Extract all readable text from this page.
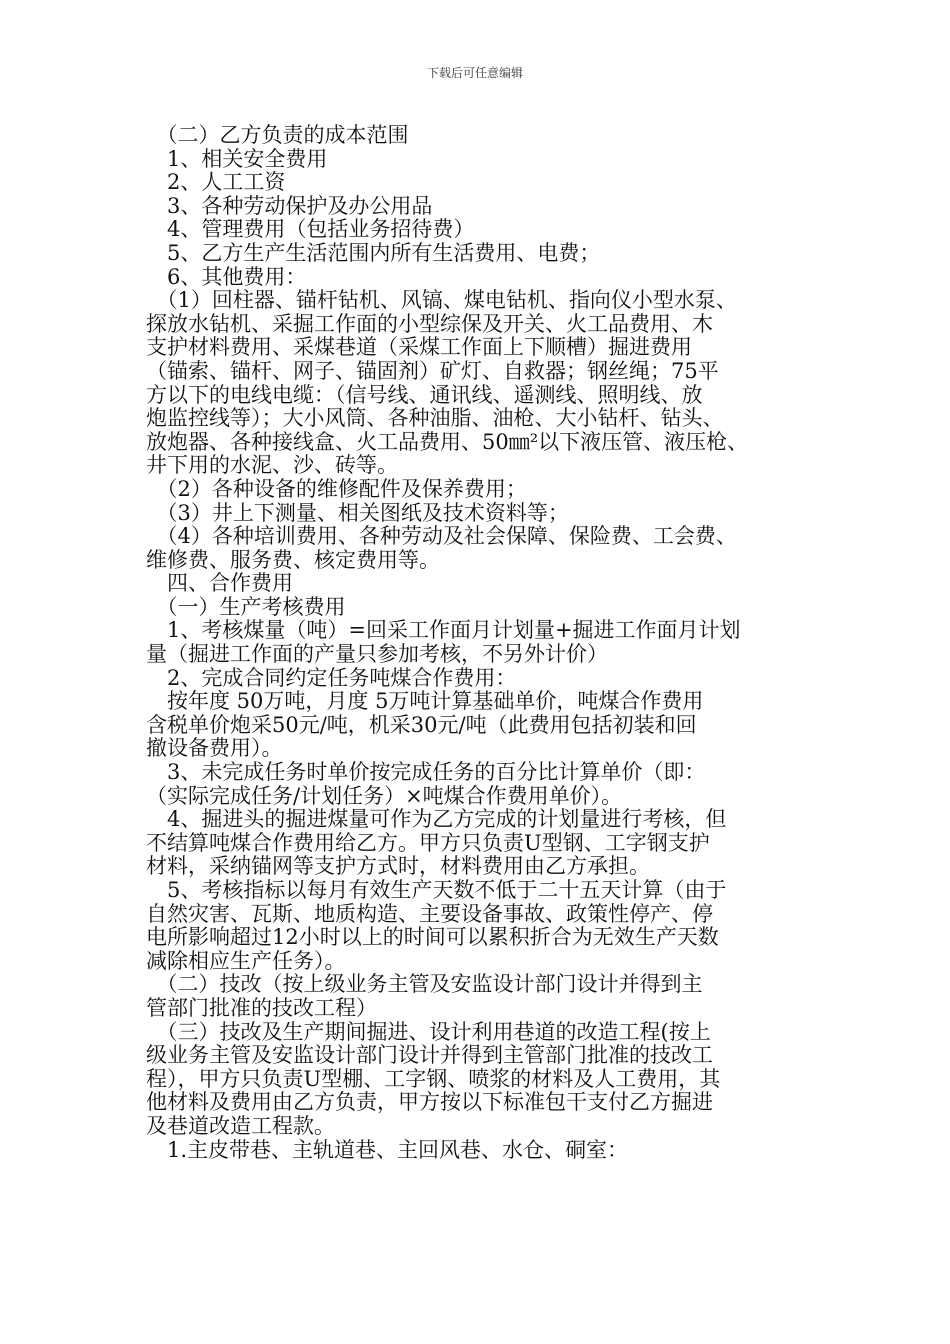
下载后可任意编辑
　（二）乙方负责的成本范围
　1、相关安全费用
　2、人工工资
　3、各种劳动保护及办公用品
　4、管理费用（包括业务招待费）
　5、乙方生产生活范围内所有生活费用、电费；
　6、其他费用：
　（1）回柱器、锚杆钻机、风镐、煤电钻机、指向仪小型水泵、
探放水钻机、采掘工作面的小型综保及开关、火工品费用、木
支护材料费用、采煤巷道（采煤工作面上下顺槽）掘进费用
（锚索、锚杆、网子、锚固剂）矿灯、自救器；钢丝绳；75平
方以下的电线电缆：（信号线、通讯线、遥测线、照明线、放
炮监控线等）；大小风筒、各种油脂、油枪、大小钻杆、钻头、
放炮器、各种接线盒、火工品费用、50㎜²以下液压管、液压枪、
井下用的水泥、沙、砖等。
　（2）各种设备的维修配件及保养费用；
　（3）井上下测量、相关图纸及技术资料等；
　（4）各种培训费用、各种劳动及社会保障、保险费、工会费、
维修费、服务费、核定费用等。
　四、合作费用
　（一）生产考核费用
　1、考核煤量（吨）=回采工作面月计划量+掘进工作面月计划
量（掘进工作面的产量只参加考核，不另外计价）
　2、完成合同约定任务吨煤合作费用：
　按年度 50万吨，月度 5万吨计算基础单价，吨煤合作费用
含税单价炮采50元/吨，机采30元/吨（此费用包括初装和回
撤设备费用）。
　3、未完成任务时单价按完成任务的百分比计算单价（即：
（实际完成任务/计划任务）×吨煤合作费用单价）。
　4、掘进头的掘进煤量可作为乙方完成的计划量进行考核，但
不结算吨煤合作费用给乙方。甲方只负责U型钢、工字钢支护
材料，采纳锚网等支护方式时，材料费用由乙方承担。
　5、考核指标以每月有效生产天数不低于二十五天计算（由于
自然灾害、瓦斯、地质构造、主要设备事故、政策性停产、停
电所影响超过12小时以上的时间可以累积折合为无效生产天数
减除相应生产任务）。
　（二）技改（按上级业务主管及安监设计部门设计并得到主
管部门批准的技改工程）
　（三）技改及生产期间掘进、设计利用巷道的改造工程(按上
级业务主管及安监设计部门设计并得到主管部门批准的技改工
程），甲方只负责U型棚、工字钢、喷浆的材料及人工费用，其
他材料及费用由乙方负责，甲方按以下标准包干支付乙方掘进
及巷道改造工程款。
　1.主皮带巷、主轨道巷、主回风巷、水仓、硐室：
